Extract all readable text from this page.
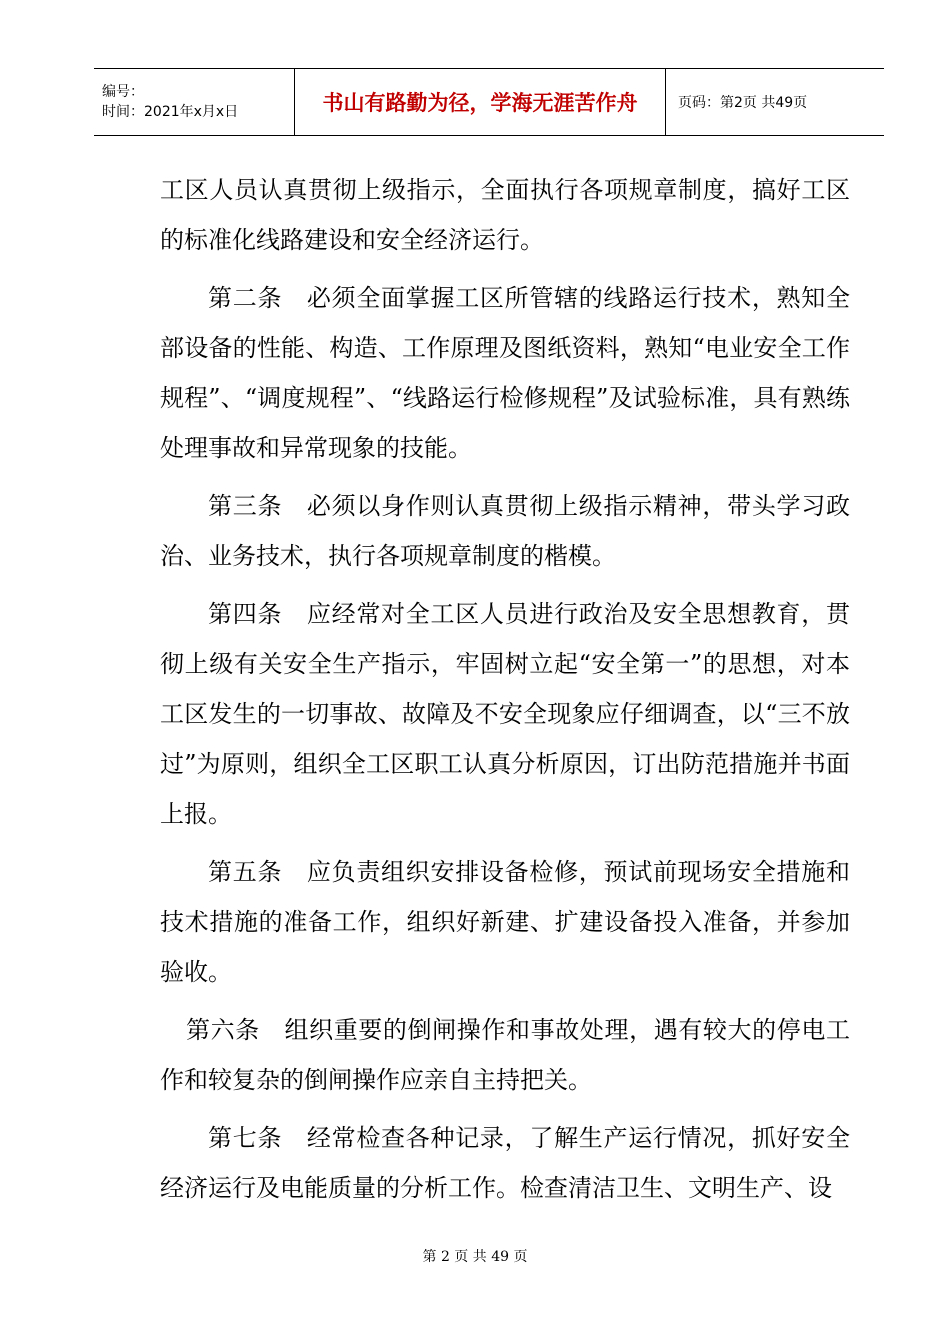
编号：
时间：2021年x月x日	书山有路勤为径，学海无涯苦作舟	页码：第2页 共49页

工区人员认真贯彻上级指示，全面执行各项规章制度，搞好工区的标准化线路建设和安全经济运行。

第二条　必须全面掌握工区所管辖的线路运行技术，熟知全部设备的性能、构造、工作原理及图纸资料，熟知“电业安全工作规程”、“调度规程”、“线路运行检修规程”及试验标准，具有熟练处理事故和异常现象的技能。

第三条　必须以身作则认真贯彻上级指示精神，带头学习政治、业务技术，执行各项规章制度的楷模。

第四条　应经常对全工区人员进行政治及安全思想教育，贯彻上级有关安全生产指示，牢固树立起“安全第一”的思想，对本工区发生的一切事故、故障及不安全现象应仔细调查，以“三不放过”为原则，组织全工区职工认真分析原因，订出防范措施并书面上报。

第五条　应负责组织安排设备检修，预试前现场安全措施和技术措施的准备工作，组织好新建、扩建设备投入准备，并参加验收。

第六条　组织重要的倒闸操作和事故处理，遇有较大的停电工作和较复杂的倒闸操作应亲自主持把关。

第七条　经常检查各种记录，了解生产运行情况，抓好安全经济运行及电能质量的分析工作。检查清洁卫生、文明生产、设

第 2 页 共 49 页
